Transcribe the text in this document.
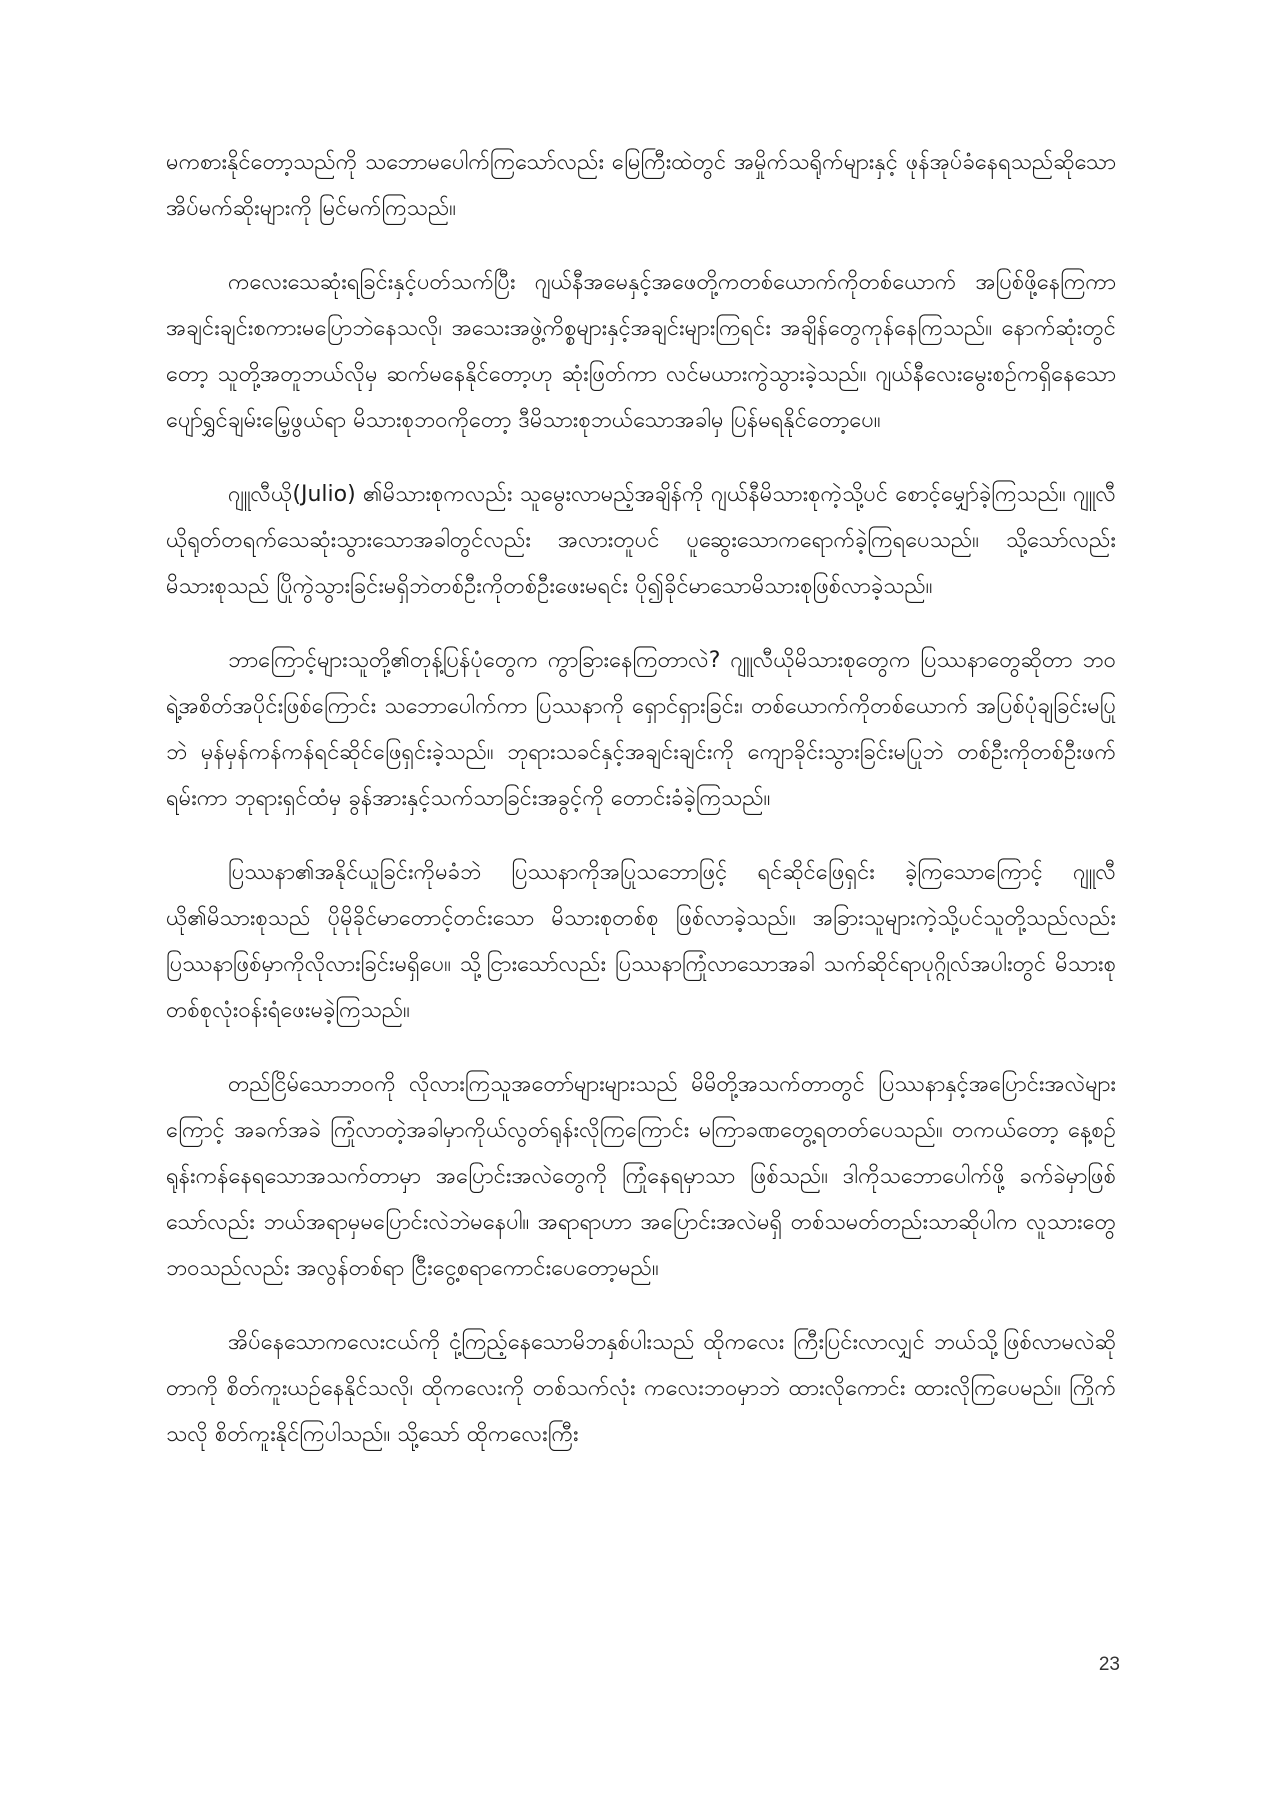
မကစားနိုင်တော့သည်ကို သဘောမပေါက်ကြသော်လည်း မြေကြီးထဲတွင် အမှိုက်သရိုက်များနှင့် ဖုန်အုပ်ခံနေရသည်ဆိုသော အိပ်မက်ဆိုးများကို မြင်မက်ကြသည်။

ကလေးသေဆုံးရခြင်းနှင့်ပတ်သက်ပြီး ဂျယ်နီအမေနှင့်အဖေတို့ကတစ်ယောက်ကိုတစ်ယောက် အပြစ်ဖို့နေကြကာ အချင်းချင်းစကားမပြောဘဲနေသလို၊ အသေးအဖွဲ့ကိစ္စများနှင့်အချင်းများကြရင်း အချိန်တွေကုန်နေကြသည်။ နောက်ဆုံးတွင်တော့ သူတို့အတူဘယ်လိုမှ ဆက်မနေနိုင်တော့ဟု ဆုံးဖြတ်ကာ လင်မယားကွဲသွားခဲ့သည်။ ဂျယ်နီလေးမွေးစဉ်ကရှိနေသော ပျော်ရွှင်ချမ်းမြေ့ဖွယ်ရာ မိသားစုဘဝကိုတော့ ဒီမိသားစုဘယ်သောအခါမှ ပြန်မရနိုင်တော့ပေ။

ဂျူလီယို(Julio) ၏မိသားစုကလည်း သူမွေးလာမည့်အချိန်ကို ဂျယ်နီမိသားစုကဲ့သို့ပင် စောင့်မျှော်ခဲ့ကြသည်။ ဂျူလီယိုရုတ်တရက်သေဆုံးသွားသောအခါတွင်လည်း အလားတူပင် ပူဆွေးသောကရောက်ခဲ့ကြရပေသည်။ သို့သော်လည်း မိသားစုသည် ပြိုကွဲသွားခြင်းမရှိဘဲတစ်ဦးကိုတစ်ဦးဖေးမရင်း ပို၍ခိုင်မာသောမိသားစုဖြစ်လာခဲ့သည်။

ဘာကြောင့်များသူတို့၏တုန့်ပြန်ပုံတွေက ကွာခြားနေကြတာလဲ? ဂျူလီယိုမိသားစုတွေက ပြဿနာတွေဆိုတာ ဘဝရဲ့အစိတ်အပိုင်းဖြစ်ကြောင်း သဘောပေါက်ကာ ပြဿနာကို ရှောင်ရှားခြင်း၊ တစ်ယောက်ကိုတစ်ယောက် အပြစ်ပုံချခြင်းမပြုဘဲ မှန်မှန်ကန်ကန်ရင်ဆိုင်ဖြေရှင်းခဲ့သည်။ ဘုရားသခင်နှင့်အချင်းချင်းကို ကျောခိုင်းသွားခြင်းမပြုဘဲ တစ်ဦးကိုတစ်ဦးဖက်ရမ်းကာ ဘုရားရှင်ထံမှ ခွန်အားနှင့်သက်သာခြင်းအခွင့်ကို တောင်းခံခဲ့ကြသည်။

ပြဿနာ၏အနိုင်ယူခြင်းကိုမခံဘဲ ပြဿနာကိုအပြုသဘောဖြင့် ရင်ဆိုင်ဖြေရှင်း ခဲ့ကြသောကြောင့် ဂျူလီယို၏မိသားစုသည် ပိုမိုခိုင်မာတောင့်တင်းသော မိသားစုတစ်စု ဖြစ်လာခဲ့သည်။ အခြားသူများကဲ့သို့ပင်သူတို့သည်လည်း ပြဿနာဖြစ်မှာကိုလိုလားခြင်းမရှိပေ။ သို့ငြားသော်လည်း ပြဿနာကြုံလာသောအခါ သက်ဆိုင်ရာပုဂ္ဂိုလ်အပါးတွင် မိသားစုတစ်စုလုံးဝန်းရံဖေးမခဲ့ကြသည်။

တည်ငြိမ်သောဘဝကို လိုလားကြသူအတော်များများသည် မိမိတို့အသက်တာတွင် ပြဿနာနှင့်အပြောင်းအလဲများကြောင့် အခက်အခဲ ကြုံလာတဲ့အခါမှာကိုယ်လွတ်ရုန်းလိုကြကြောင်း မကြာခဏတွေ့ရတတ်ပေသည်။ တကယ်တော့ နေ့စဉ်ရုန်းကန်နေရသောအသက်တာမှာ အပြောင်းအလဲတွေကို ကြုံနေရမှာသာ ဖြစ်သည်။ ဒါကိုသဘောပေါက်ဖို့ ခက်ခဲမှာဖြစ်သော်လည်း ဘယ်အရာမှမပြောင်းလဲဘဲမနေပါ။ အရာရာဟာ အပြောင်းအလဲမရှိ တစ်သမတ်တည်းသာဆိုပါက လူသားတွေဘဝသည်လည်း အလွန်တစ်ရာ ငြီးငွေ့စရာကောင်းပေတော့မည်။

အိပ်နေသောကလေးငယ်ကို ငုံ့ကြည့်နေသောမိဘနှစ်ပါးသည် ထိုကလေး ကြီးပြင်းလာလျှင် ဘယ်သို့ဖြစ်လာမလဲဆိုတာကို စိတ်ကူးယဉ်နေနိုင်သလို၊ ထိုကလေးကို တစ်သက်လုံး ကလေးဘဝမှာဘဲ ထားလိုကောင်း ထားလိုကြပေမည်။ ကြိုက်သလို စိတ်ကူးနိုင်ကြပါသည်။ သို့သော် ထိုကလေးကြီး

23
